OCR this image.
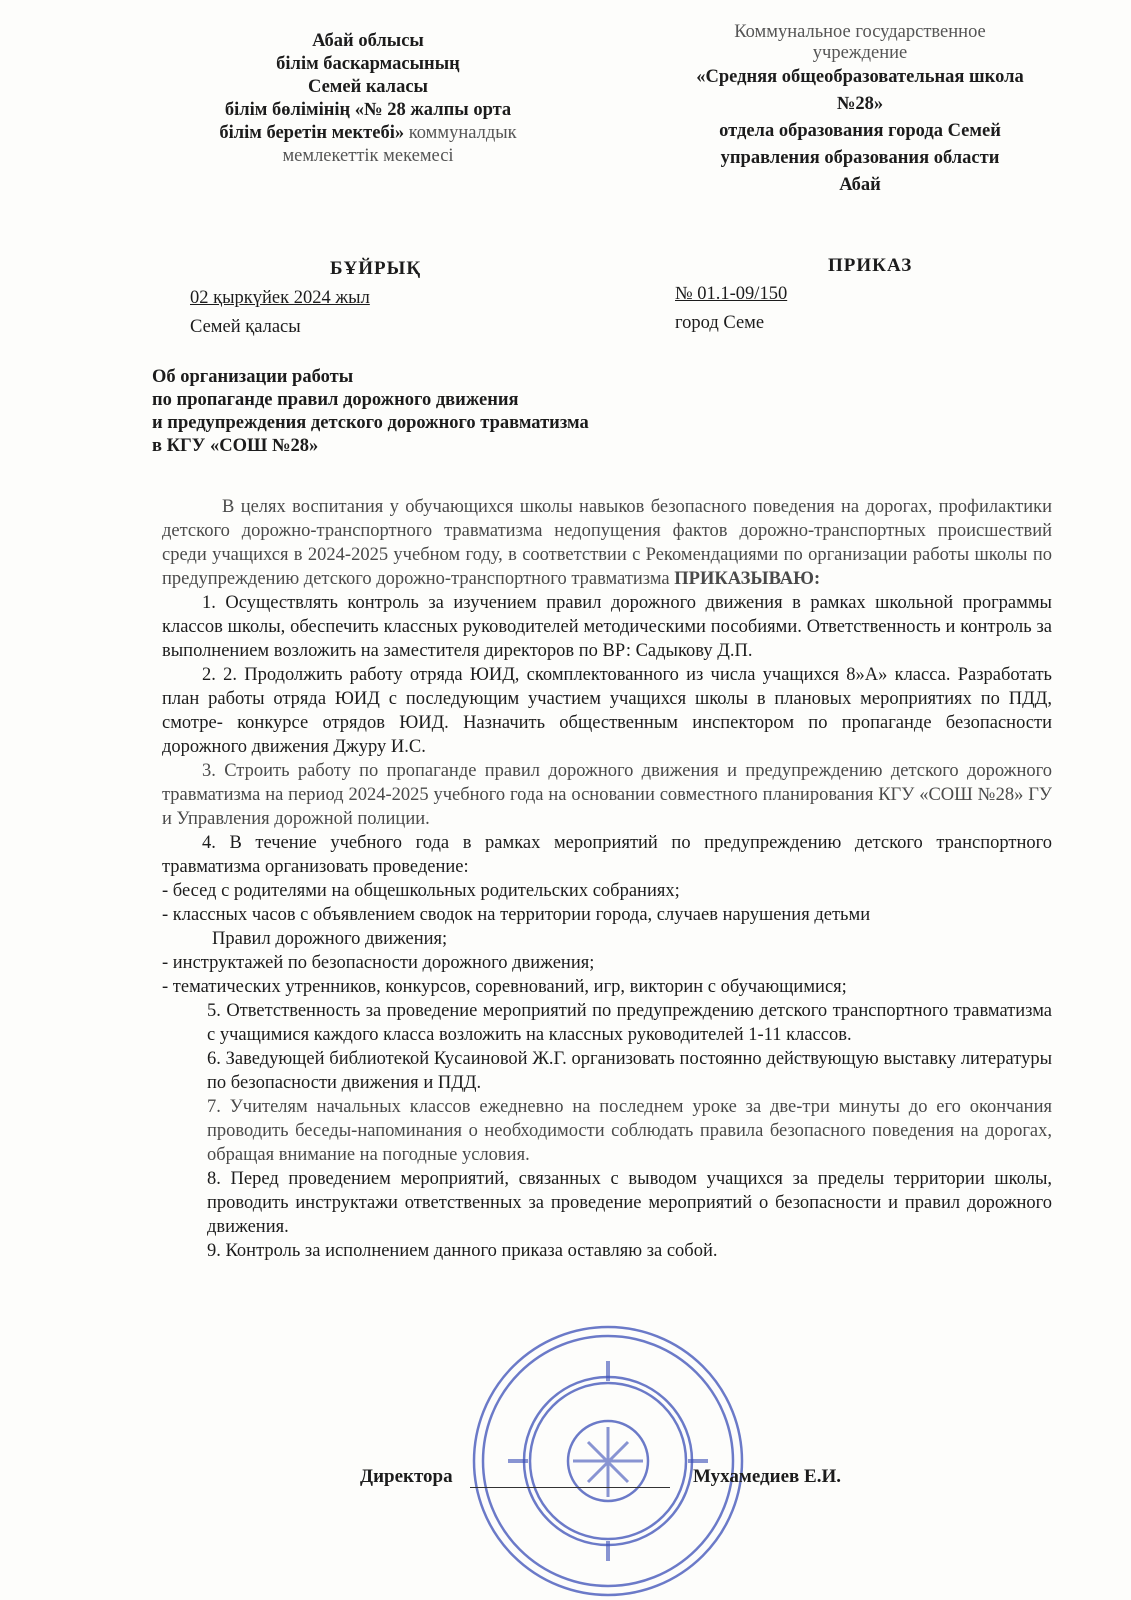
Абай облысы
білім баскармасының
Семей каласы
білім бөлімінің «№ 28 жалпы орта
білім беретін мектебі» коммуналдык
мемлекеттік мекемесі
Коммунальное государственное
учреждение
«Средняя общеобразовательная школа
№28»
отдела образования города Семей
управления образования области
Абай
БҰЙРЫҚ	ПРИКАЗ
02 қыркүйек 2024 жыл
Семей қаласы
№ 01.1-09/150
город Семе
Об организации работы
по пропаганде правил дорожного движения
и предупреждения детского дорожного травматизма
в КГУ «СОШ №28»

В целях воспитания у обучающихся школы навыков безопасного поведения на дорогах, профилактики детского дорожно-транспортного травматизма недопущения фактов дорожно-транспортных происшествий среди учащихся в 2024-2025 учебном году, в соответствии с Рекомендациями по организации работы школы по предупреждению детского дорожно-транспортного травматизма ПРИКАЗЫВАЮ:

1. Осуществлять контроль за изучением правил дорожного движения в рамках школьной программы классов школы, обеспечить классных руководителей методическими пособиями. Ответственность и контроль за выполнением возложить на заместителя директоров по ВР: Садыкову Д.П.

2. 2. Продолжить работу отряда ЮИД, скомплектованного из числа учащихся 8»А» класса. Разработать план работы отряда ЮИД с последующим участием учащихся школы в плановых мероприятиях по ПДД, смотре- конкурсе отрядов ЮИД. Назначить общественным инспектором по пропаганде безопасности дорожного движения Джуру И.С.

3. Строить работу по пропаганде правил дорожного движения и предупреждению детского дорожного травматизма на период 2024-2025 учебного года на основании совместного планирования КГУ «СОШ №28» ГУ и Управления дорожной полиции.

4. В течение учебного года в рамках мероприятий по предупреждению детского транспортного травматизма организовать проведение:

- бесед с родителями на общешкольных родительских собраниях;

- классных часов с объявлением сводок на территории города, случаев нарушения детьми

Правил дорожного движения;

- инструктажей по безопасности дорожного движения;

- тематических утренников, конкурсов, соревнований, игр, викторин с обучающимися;

5. Ответственность за проведение мероприятий по предупреждению детского транспортного травматизма с учащимися каждого класса возложить на классных руководителей 1-11 классов.

6. Заведующей библиотекой Кусаиновой Ж.Г. организовать постоянно действующую выставку литературы по безопасности движения и ПДД.

7. Учителям начальных классов ежедневно на последнем уроке за две-три минуты до его окончания проводить беседы-напоминания о необходимости соблюдать правила безопасного поведения на дорогах, обращая внимание на погодные условия.

8. Перед проведением мероприятий, связанных с выводом учащихся за пределы территории школы, проводить инструктажи ответственных за проведение мероприятий о безопасности и правил дорожного движения.

9. Контроль за исполнением данного приказа оставляю за собой.

Директора	Мухамедиев Е.И.
